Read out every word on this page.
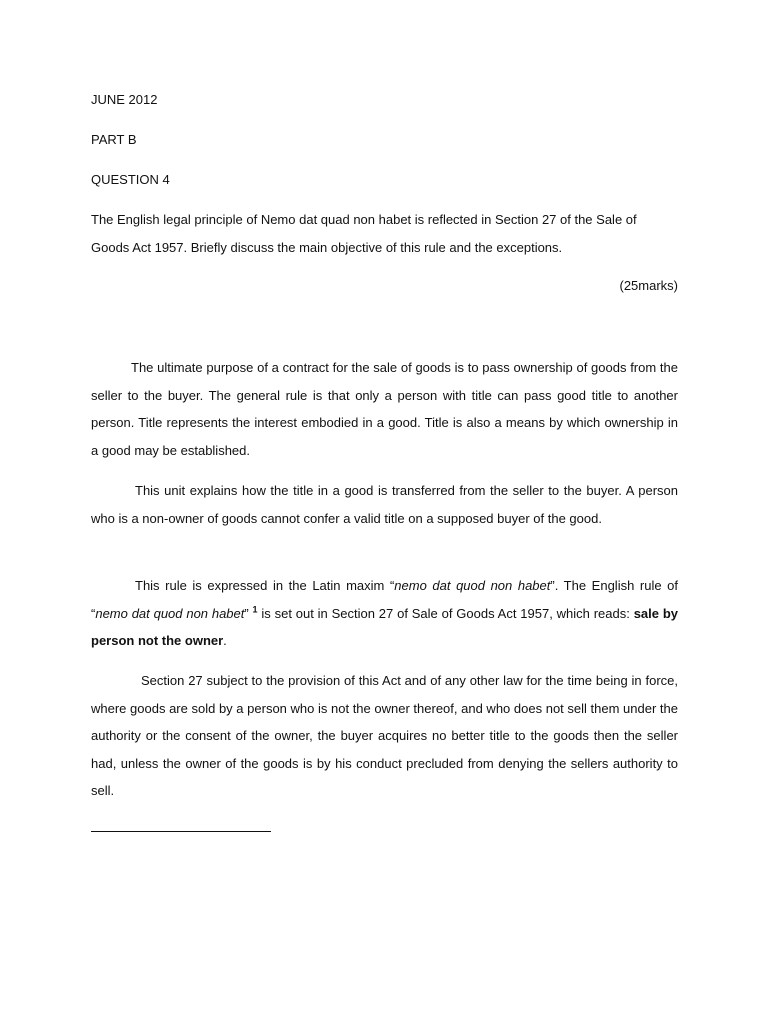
JUNE 2012
PART B
QUESTION 4
The English legal principle of Nemo dat quad non habet is reflected in Section 27 of the Sale of Goods Act 1957. Briefly discuss the main objective of this rule and the exceptions.
(25marks)
The ultimate purpose of a contract for the sale of goods is to pass ownership of goods from the seller to the buyer. The general rule is that only a person with title can pass good title to another person. Title represents the interest embodied in a good. Title is also a means by which ownership in a good may be established.
This unit explains how the title in a good is transferred from the seller to the buyer. A person who is a non-owner of goods cannot confer a valid title on a supposed buyer of the good.
This rule is expressed in the Latin maxim “nemo dat quod non habet”. The English rule of “nemo dat quod non habet” $^1$ is set out in Section 27 of Sale of Goods Act 1957, which reads: sale by person not the owner.
Section 27 subject to the provision of this Act and of any other law for the time being in force, where goods are sold by a person who is not the owner thereof, and who does not sell them under the authority or the consent of the owner, the buyer acquires no better title to the goods then the seller had, unless the owner of the goods is by his conduct precluded from denying the sellers authority to sell.
